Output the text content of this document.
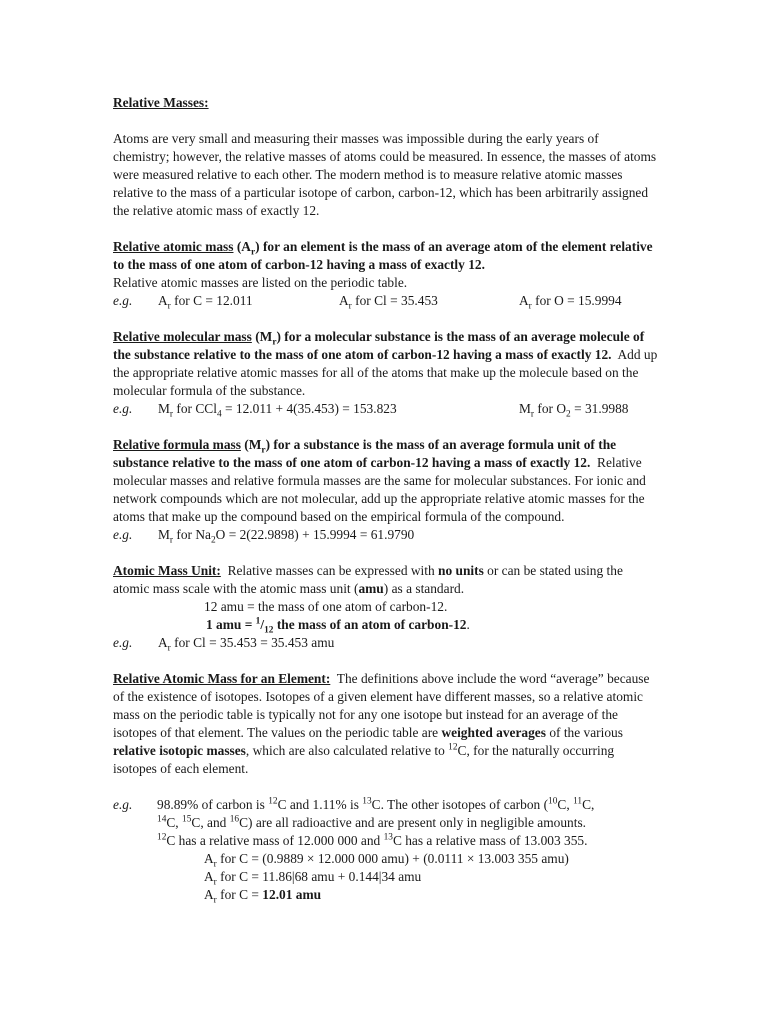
Relative Masses:

Atoms are very small and measuring their masses was impossible during the early years of chemistry; however, the relative masses of atoms could be measured. In essence, the masses of atoms were measured relative to each other. The modern method is to measure relative atomic masses relative to the mass of a particular isotope of carbon, carbon-12, which has been arbitrarily assigned the relative atomic mass of exactly 12.

Relative atomic mass $(A_r)$ for an element is the mass of an average atom of the element relative to the mass of one atom of carbon-12 having a mass of exactly 12.

Relative atomic masses are listed on the periodic table.

e.g. $A_r$ for C = 12.011	$A_r$ for Cl = 35.453	$A_r$ for O = 15.9994

Relative molecular mass $(M_r)$ for a molecular substance is the mass of an average molecule of the substance relative to the mass of one atom of carbon-12 having a mass of exactly 12. Add up the appropriate relative atomic masses for all of the atoms that make up the molecule based on the molecular formula of the substance.

e.g. $M_r$ for CCl$_4$ = 12.011 + 4(35.453) = 153.823	$M_r$ for $O_2 = 31.9988$

Relative formula mass $(M_r)$ for a substance is the mass of an average formula unit of the substance relative to the mass of one atom of carbon-12 having a mass of exactly 12. Relative molecular masses and relative formula masses are the same for molecular substances. For ionic and network compounds which are not molecular, add up the appropriate relative atomic masses for the atoms that make up the compound based on the empirical formula of the compound.

e.g. $M_r$ for $Na_2O = 2(22.9898) + 15.9994 = 61.9790$

Atomic Mass Unit: Relative masses can be expressed with no units or can be stated using the atomic mass scale with the atomic mass unit (amu) as a standard.

12 amu = the mass of one atom of carbon-12.

1 amu = $^1/_{12}$ the mass of an atom of carbon-12.

e.g. $A_r$ for Cl = 35.453 = 35.453 amu

Relative Atomic Mass for an Element: The definitions above include the word “average” because of the existence of isotopes. Isotopes of a given element have different masses, so a relative atomic mass on the periodic table is typically not for any one isotope but instead for an average of the isotopes of that element. The values on the periodic table are weighted averages of the various relative isotopic masses, which are also calculated relative to $^{12}$C, for the naturally occurring isotopes of each element.

e.g. 98.89% of carbon is $^{12}$C and 1.11% is $^{13}$C. The other isotopes of carbon ($^{10}$C, $^{11}$C,
$^{14}$C, $^{15}$C, and $^{16}$C) are all radioactive and are present only in negligible amounts.
$^{12}$C has a relative mass of 12.000 000 and $^{13}$C has a relative mass of 13.003 355.

$A_r$ for C = (0.9889 × 12.000 000 amu) + (0.0111 × 13.003 355 amu)

$A_r$ for C = 11.86|68 amu + 0.144|34 amu

$A_r$ for C = 12.01 amu
